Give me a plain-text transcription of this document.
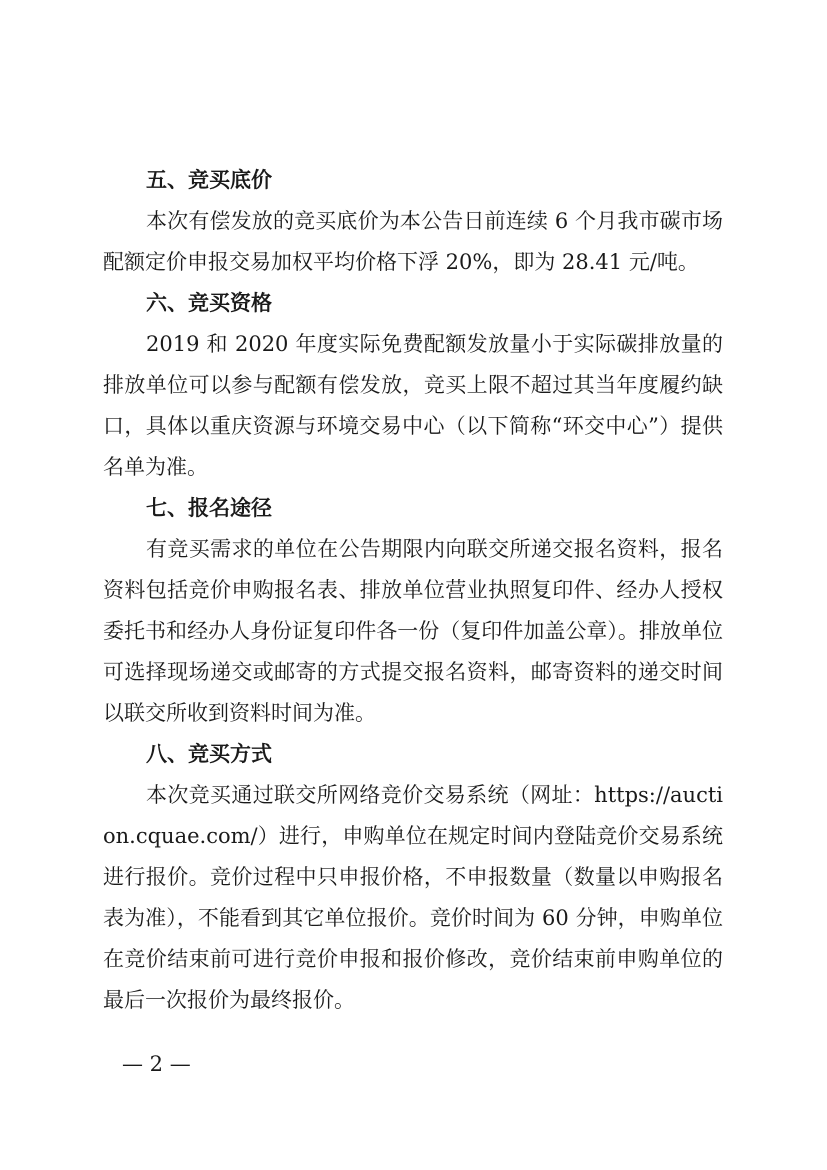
五、竞买底价

本次有偿发放的竞买底价为本公告日前连续 6 个月我市碳市场配额定价申报交易加权平均价格下浮 20%，即为 28.41 元/吨。

六、竞买资格

2019 和 2020 年度实际免费配额发放量小于实际碳排放量的排放单位可以参与配额有偿发放，竞买上限不超过其当年度履约缺口，具体以重庆资源与环境交易中心（以下简称“环交中心”）提供名单为准。

七、报名途径

有竞买需求的单位在公告期限内向联交所递交报名资料，报名资料包括竞价申购报名表、排放单位营业执照复印件、经办人授权委托书和经办人身份证复印件各一份（复印件加盖公章）。排放单位可选择现场递交或邮寄的方式提交报名资料，邮寄资料的递交时间以联交所收到资料时间为准。

八、竞买方式

本次竞买通过联交所网络竞价交易系统（网址：https://auction.cquae.com/）进行，申购单位在规定时间内登陆竞价交易系统进行报价。竞价过程中只申报价格，不申报数量（数量以申购报名表为准），不能看到其它单位报价。竞价时间为 60 分钟，申购单位在竞价结束前可进行竞价申报和报价修改，竞价结束前申购单位的最后一次报价为最终报价。

— 2 —
